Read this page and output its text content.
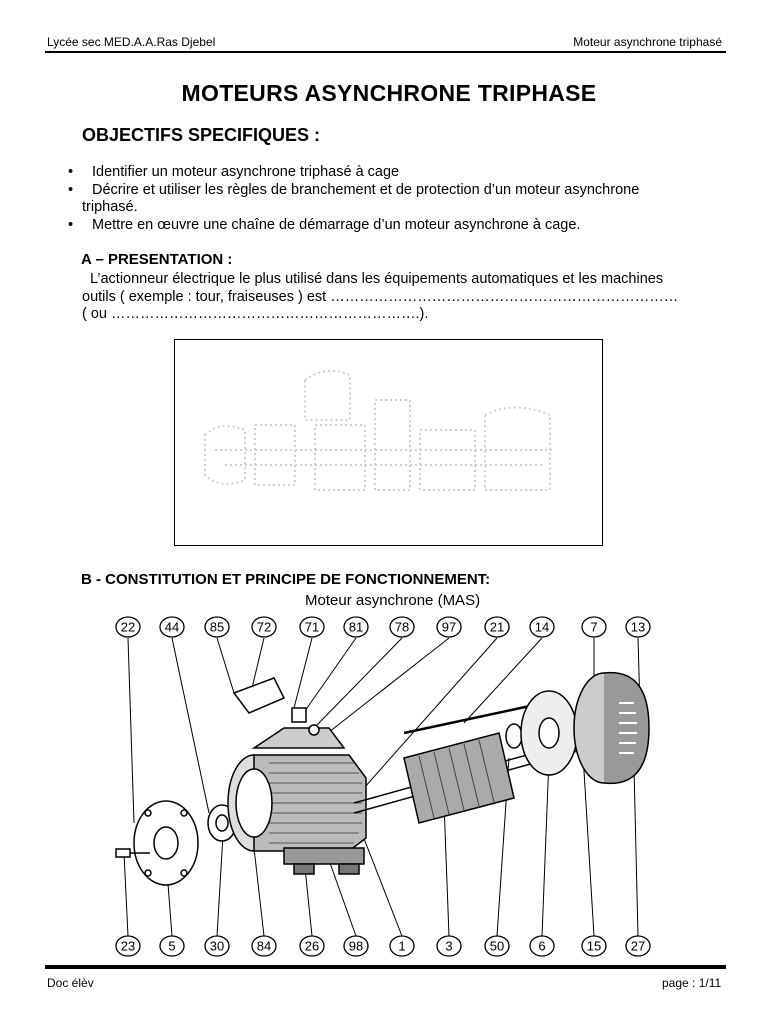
Lycée sec MED.A.A.Ras Djebel	Moteur asynchrone triphasé
MOTEURS ASYNCHRONE TRIPHASE
OBJECTIFS SPECIFIQUES :
• Identifier un moteur asynchrone triphasé à cage
• Décrire et utiliser les règles de branchement et de protection d’un moteur asynchrone
triphasé.
• Mettre en œuvre une chaîne de démarrage d’un moteur asynchrone à cage.
A – PRESENTATION :
L’actionneur électrique le plus utilisé dans les équipements automatiques et les machines
outils ( exemple : tour, fraiseuses ) est ………………………………………………………………
( ou ……………………………………………………….).
B - CONSTITUTION ET PRINCIPE DE FONCTIONNEMENT:
Moteur asynchrone (MAS)
22 44 85	72	71 81 78	97	21 14	7	13
23	5	30	84	26 98	1	3	50	6	15 27
Doc élèv	page : 1/11
